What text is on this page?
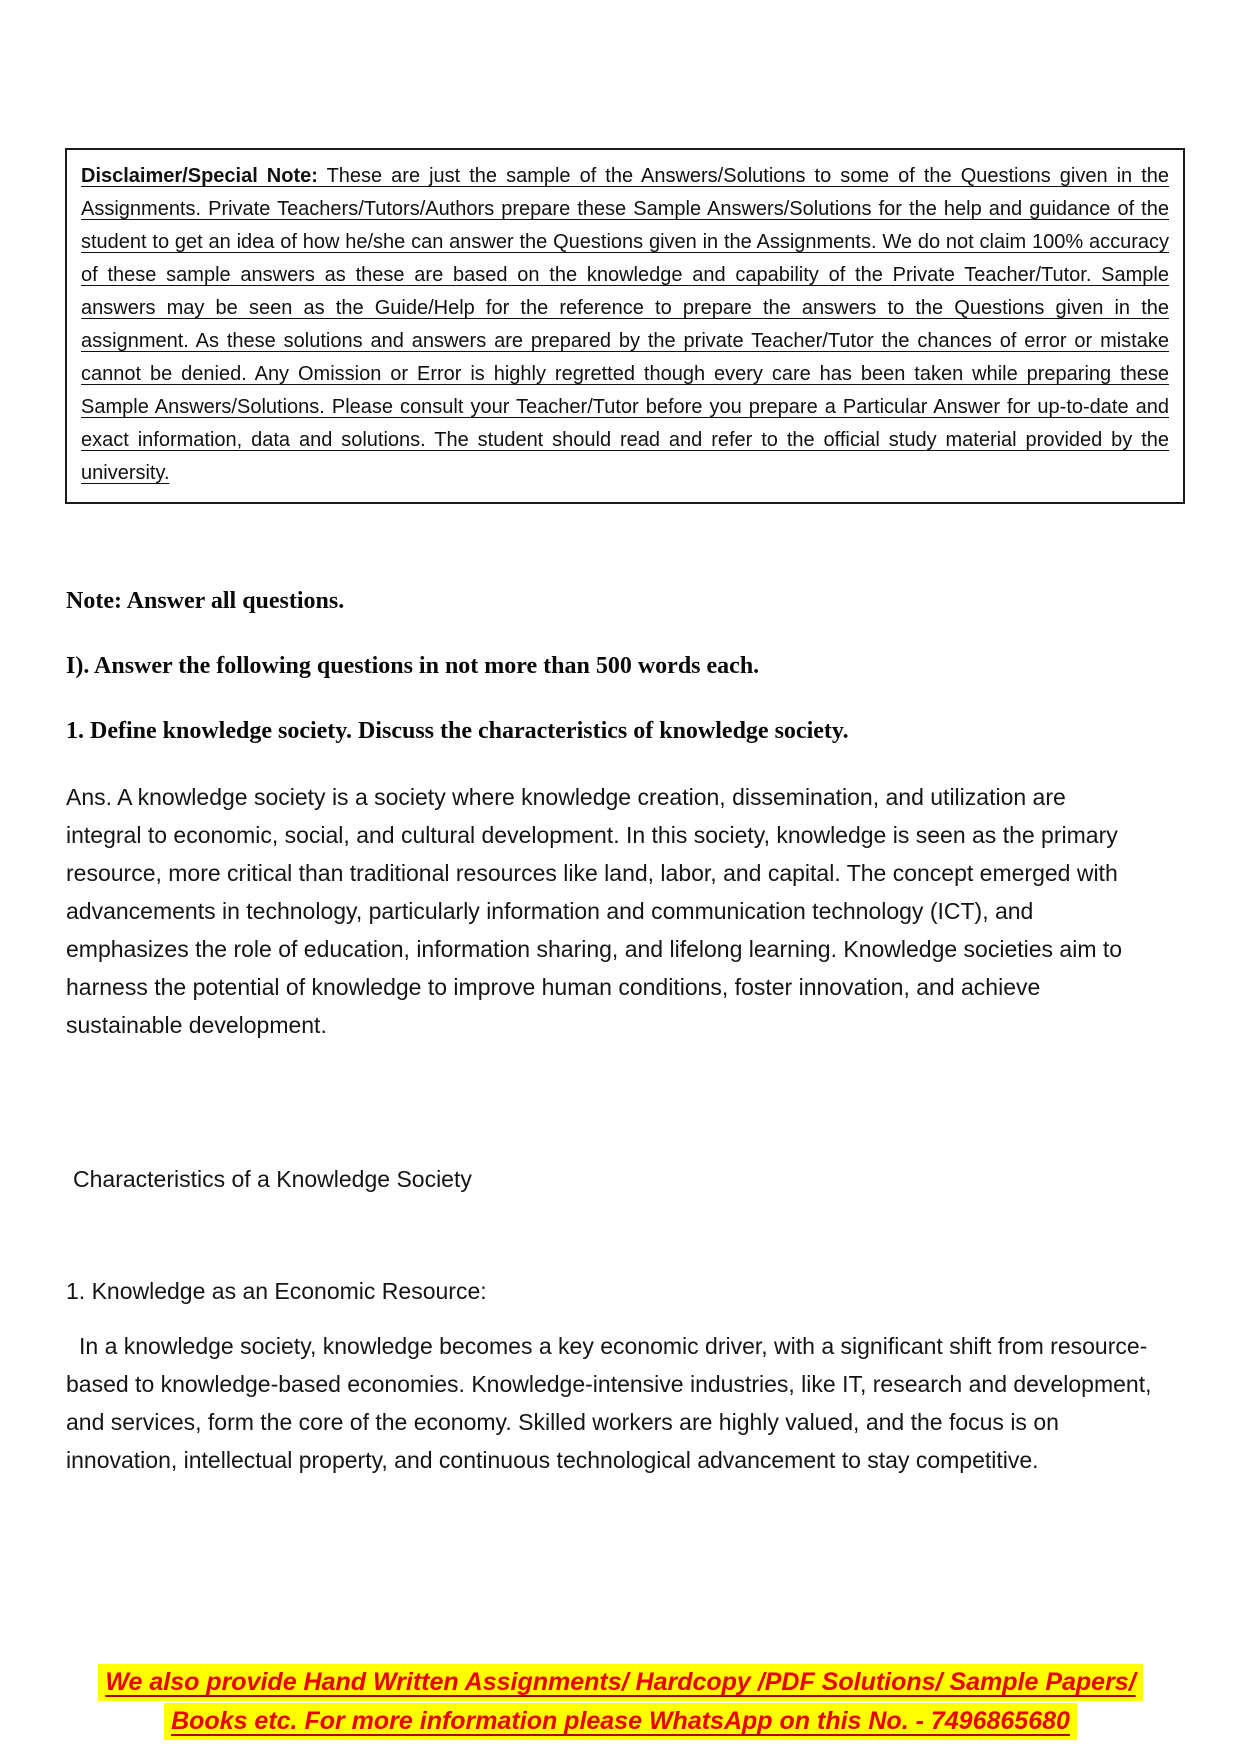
Disclaimer/Special Note: These are just the sample of the Answers/Solutions to some of the Questions given in the Assignments. Private Teachers/Tutors/Authors prepare these Sample Answers/Solutions for the help and guidance of the student to get an idea of how he/she can answer the Questions given in the Assignments. We do not claim 100% accuracy of these sample answers as these are based on the knowledge and capability of the Private Teacher/Tutor. Sample answers may be seen as the Guide/Help for the reference to prepare the answers to the Questions given in the assignment. As these solutions and answers are prepared by the private Teacher/Tutor the chances of error or mistake cannot be denied. Any Omission or Error is highly regretted though every care has been taken while preparing these Sample Answers/Solutions. Please consult your Teacher/Tutor before you prepare a Particular Answer for up-to-date and exact information, data and solutions. The student should read and refer to the official study material provided by the university.

Note: Answer all questions.
I). Answer the following questions in not more than 500 words each.
1. Define knowledge society. Discuss the characteristics of knowledge society.

Ans. A knowledge society is a society where knowledge creation, dissemination, and utilization are integral to economic, social, and cultural development. In this society, knowledge is seen as the primary resource, more critical than traditional resources like land, labor, and capital. The concept emerged with advancements in technology, particularly information and communication technology (ICT), and emphasizes the role of education, information sharing, and lifelong learning. Knowledge societies aim to harness the potential of knowledge to improve human conditions, foster innovation, and achieve sustainable development.

Characteristics of a Knowledge Society

1. Knowledge as an Economic Resource:

In a knowledge society, knowledge becomes a key economic driver, with a significant shift from resource-based to knowledge-based economies. Knowledge-intensive industries, like IT, research and development, and services, form the core of the economy. Skilled workers are highly valued, and the focus is on innovation, intellectual property, and continuous technological advancement to stay competitive.

We also provide Hand Written Assignments/ Hardcopy /PDF Solutions/ Sample Papers/
Books etc. For more information please WhatsApp on this No. - 7496865680
